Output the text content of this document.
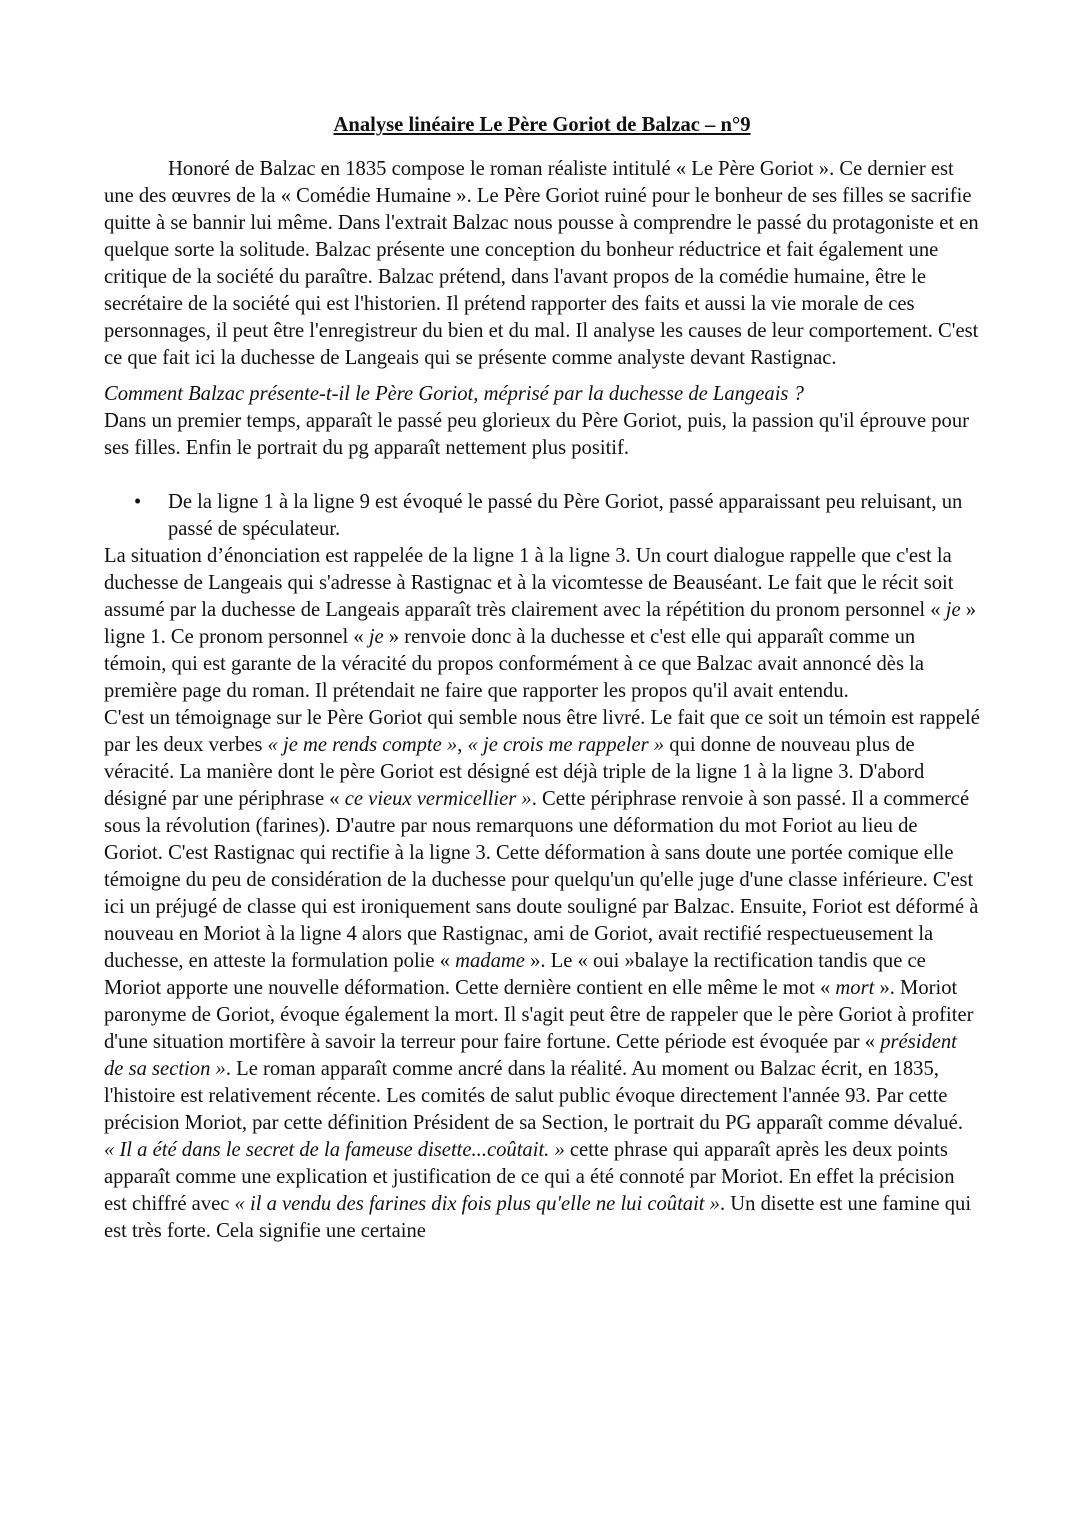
Analyse linéaire Le Père Goriot de Balzac – n°9

Honoré de Balzac en 1835 compose le roman réaliste intitulé « Le Père Goriot ». Ce dernier est une des œuvres de la « Comédie Humaine ». Le Père Goriot ruiné pour le bonheur de ses filles se sacrifie quitte à se bannir lui même. Dans l'extrait Balzac nous pousse à comprendre le passé du protagoniste et en quelque sorte la solitude. Balzac présente une conception du bonheur réductrice et fait également une critique de la société du paraître. Balzac prétend, dans l'avant propos de la comédie humaine, être le secrétaire de la société qui est l'historien. Il prétend rapporter des faits et aussi la vie morale de ces personnages, il peut être l'enregistreur du bien et du mal. Il analyse les causes de leur comportement. C'est ce que fait ici la duchesse de Langeais qui se présente comme analyste devant Rastignac.

Comment Balzac présente-t-il le Père Goriot, méprisé par la duchesse de Langeais ?

Dans un premier temps, apparaît le passé peu glorieux du Père Goriot, puis, la passion qu'il éprouve pour ses filles. Enfin le portrait du pg apparaît nettement plus positif.

•	De la ligne 1 à la ligne 9 est évoqué le passé du Père Goriot, passé apparaissant peu reluisant, un passé de spéculateur.

La situation d’énonciation est rappelée de la ligne 1 à la ligne 3. Un court dialogue rappelle que c'est la duchesse de Langeais qui s'adresse à Rastignac et à la vicomtesse de Beauséant. Le fait que le récit soit assumé par la duchesse de Langeais apparaît très clairement avec la répétition du pronom personnel « je » ligne 1. Ce pronom personnel « je » renvoie donc à la duchesse et c'est elle qui apparaît comme un témoin, qui est garante de la véracité du propos conformément à ce que Balzac avait annoncé dès la première page du roman. Il prétendait ne faire que rapporter les propos qu'il avait entendu.

C'est un témoignage sur le Père Goriot qui semble nous être livré. Le fait que ce soit un témoin est rappelé par les deux verbes « je me rends compte », « je crois me rappeler » qui donne de nouveau plus de véracité. La manière dont le père Goriot est désigné est déjà triple de la ligne 1 à la ligne 3. D'abord désigné par une périphrase « ce vieux vermicellier ». Cette périphrase renvoie à son passé. Il a commercé sous la révolution (farines). D'autre par nous remarquons une déformation du mot Foriot au lieu de Goriot. C'est Rastignac qui rectifie à la ligne 3. Cette déformation à sans doute une portée comique elle témoigne du peu de considération de la duchesse pour quelqu'un qu'elle juge d'une classe inférieure. C'est ici un préjugé de classe qui est ironiquement sans doute souligné par Balzac. Ensuite, Foriot est déformé à nouveau en Moriot à la ligne 4 alors que Rastignac, ami de Goriot, avait rectifié respectueusement la duchesse, en atteste la formulation polie « madame ». Le « oui »balaye la rectification tandis que ce Moriot apporte une nouvelle déformation. Cette dernière contient en elle même le mot « mort ». Moriot paronyme de Goriot, évoque également la mort. Il s'agit peut être de rappeler que le père Goriot à profiter d'une situation mortifère à savoir la terreur pour faire fortune. Cette période est évoquée par « président de sa section ». Le roman apparaît comme ancré dans la réalité. Au moment ou Balzac écrit, en 1835, l'histoire est relativement récente. Les comités de salut public évoque directement l'année 93. Par cette précision Moriot, par cette définition Président de sa Section, le portrait du PG apparaît comme dévalué.

« Il a été dans le secret de la fameuse disette...coûtait. » cette phrase qui apparaît après les deux points apparaît comme une explication et justification de ce qui a été connoté par Moriot. En effet la précision est chiffré avec « il a vendu des farines dix fois plus qu'elle ne lui coûtait ». Un disette est une famine qui est très forte. Cela signifie une certaine
